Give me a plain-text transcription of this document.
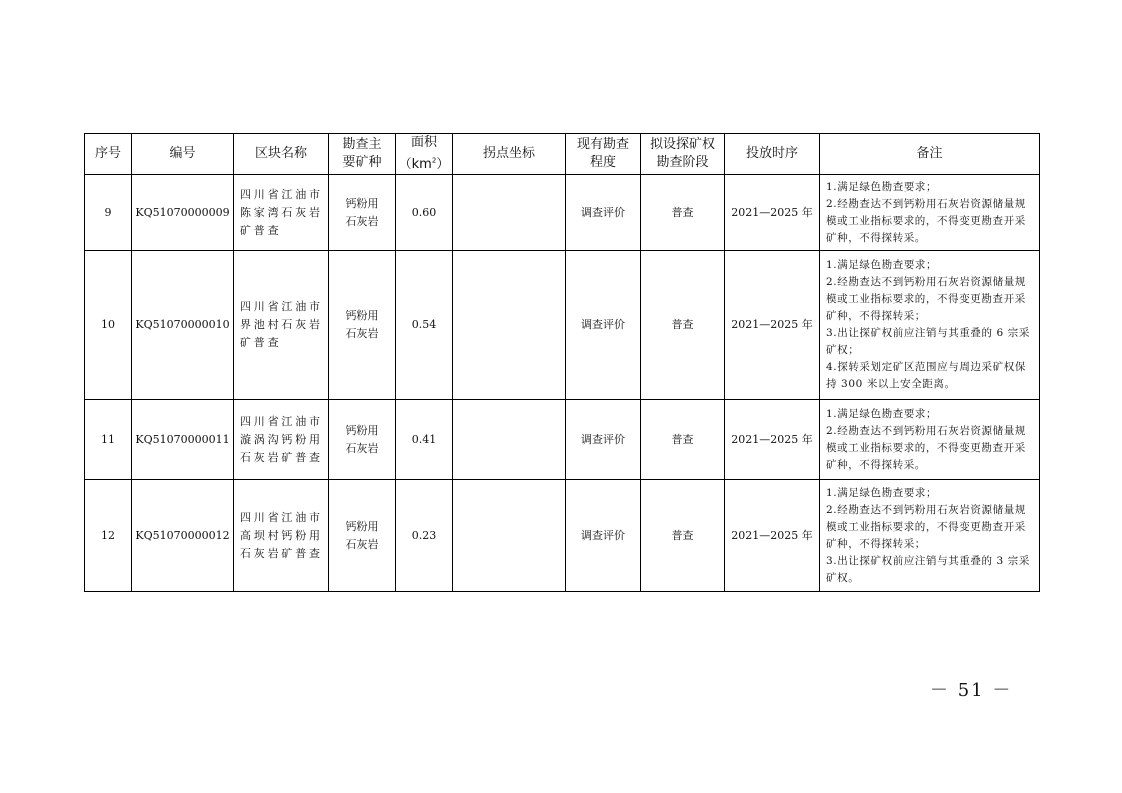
序号	编号	区块名称	勘查主
要矿种	面积
$(km^2)$	拐点坐标	现有勘查
程度	拟设探矿权
勘查阶段	投放时序	备注
9	KQ51070000009	四川省江油市陈家湾石灰岩矿普查	钙粉用
石灰岩	0.60		调查评价	普查	2021—2025 年	1.满足绿色勘查要求；
2.经勘查达不到钙粉用石灰岩资源储量规模或工业指标要求的，不得变更勘查开采矿种，不得探转采。

10	KQ51070000010	四川省江油市界池村石灰岩矿普查	钙粉用
石灰岩	0.54		调查评价	普查	2021—2025 年	1.满足绿色勘查要求；
2.经勘查达不到钙粉用石灰岩资源储量规模或工业指标要求的，不得变更勘查开采矿种，不得探转采；
3.出让探矿权前应注销与其重叠的 6 宗采矿权；
4.探转采划定矿区范围应与周边采矿权保持 300 米以上安全距离。

11	KQ51070000011	四川省江油市漩涡沟钙粉用石灰岩矿普查	钙粉用
石灰岩	0.41		调查评价	普查	2021—2025 年	1.满足绿色勘查要求；
2.经勘查达不到钙粉用石灰岩资源储量规模或工业指标要求的，不得变更勘查开采矿种，不得探转采。

12	KQ51070000012	四川省江油市高坝村钙粉用石灰岩矿普查	钙粉用
石灰岩	0.23		调查评价	普查	2021—2025 年	1.满足绿色勘查要求；
2.经勘查达不到钙粉用石灰岩资源储量规模或工业指标要求的，不得变更勘查开采矿种，不得探转采；
3.出让探矿权前应注销与其重叠的 3 宗采矿权。
－ 51 －
